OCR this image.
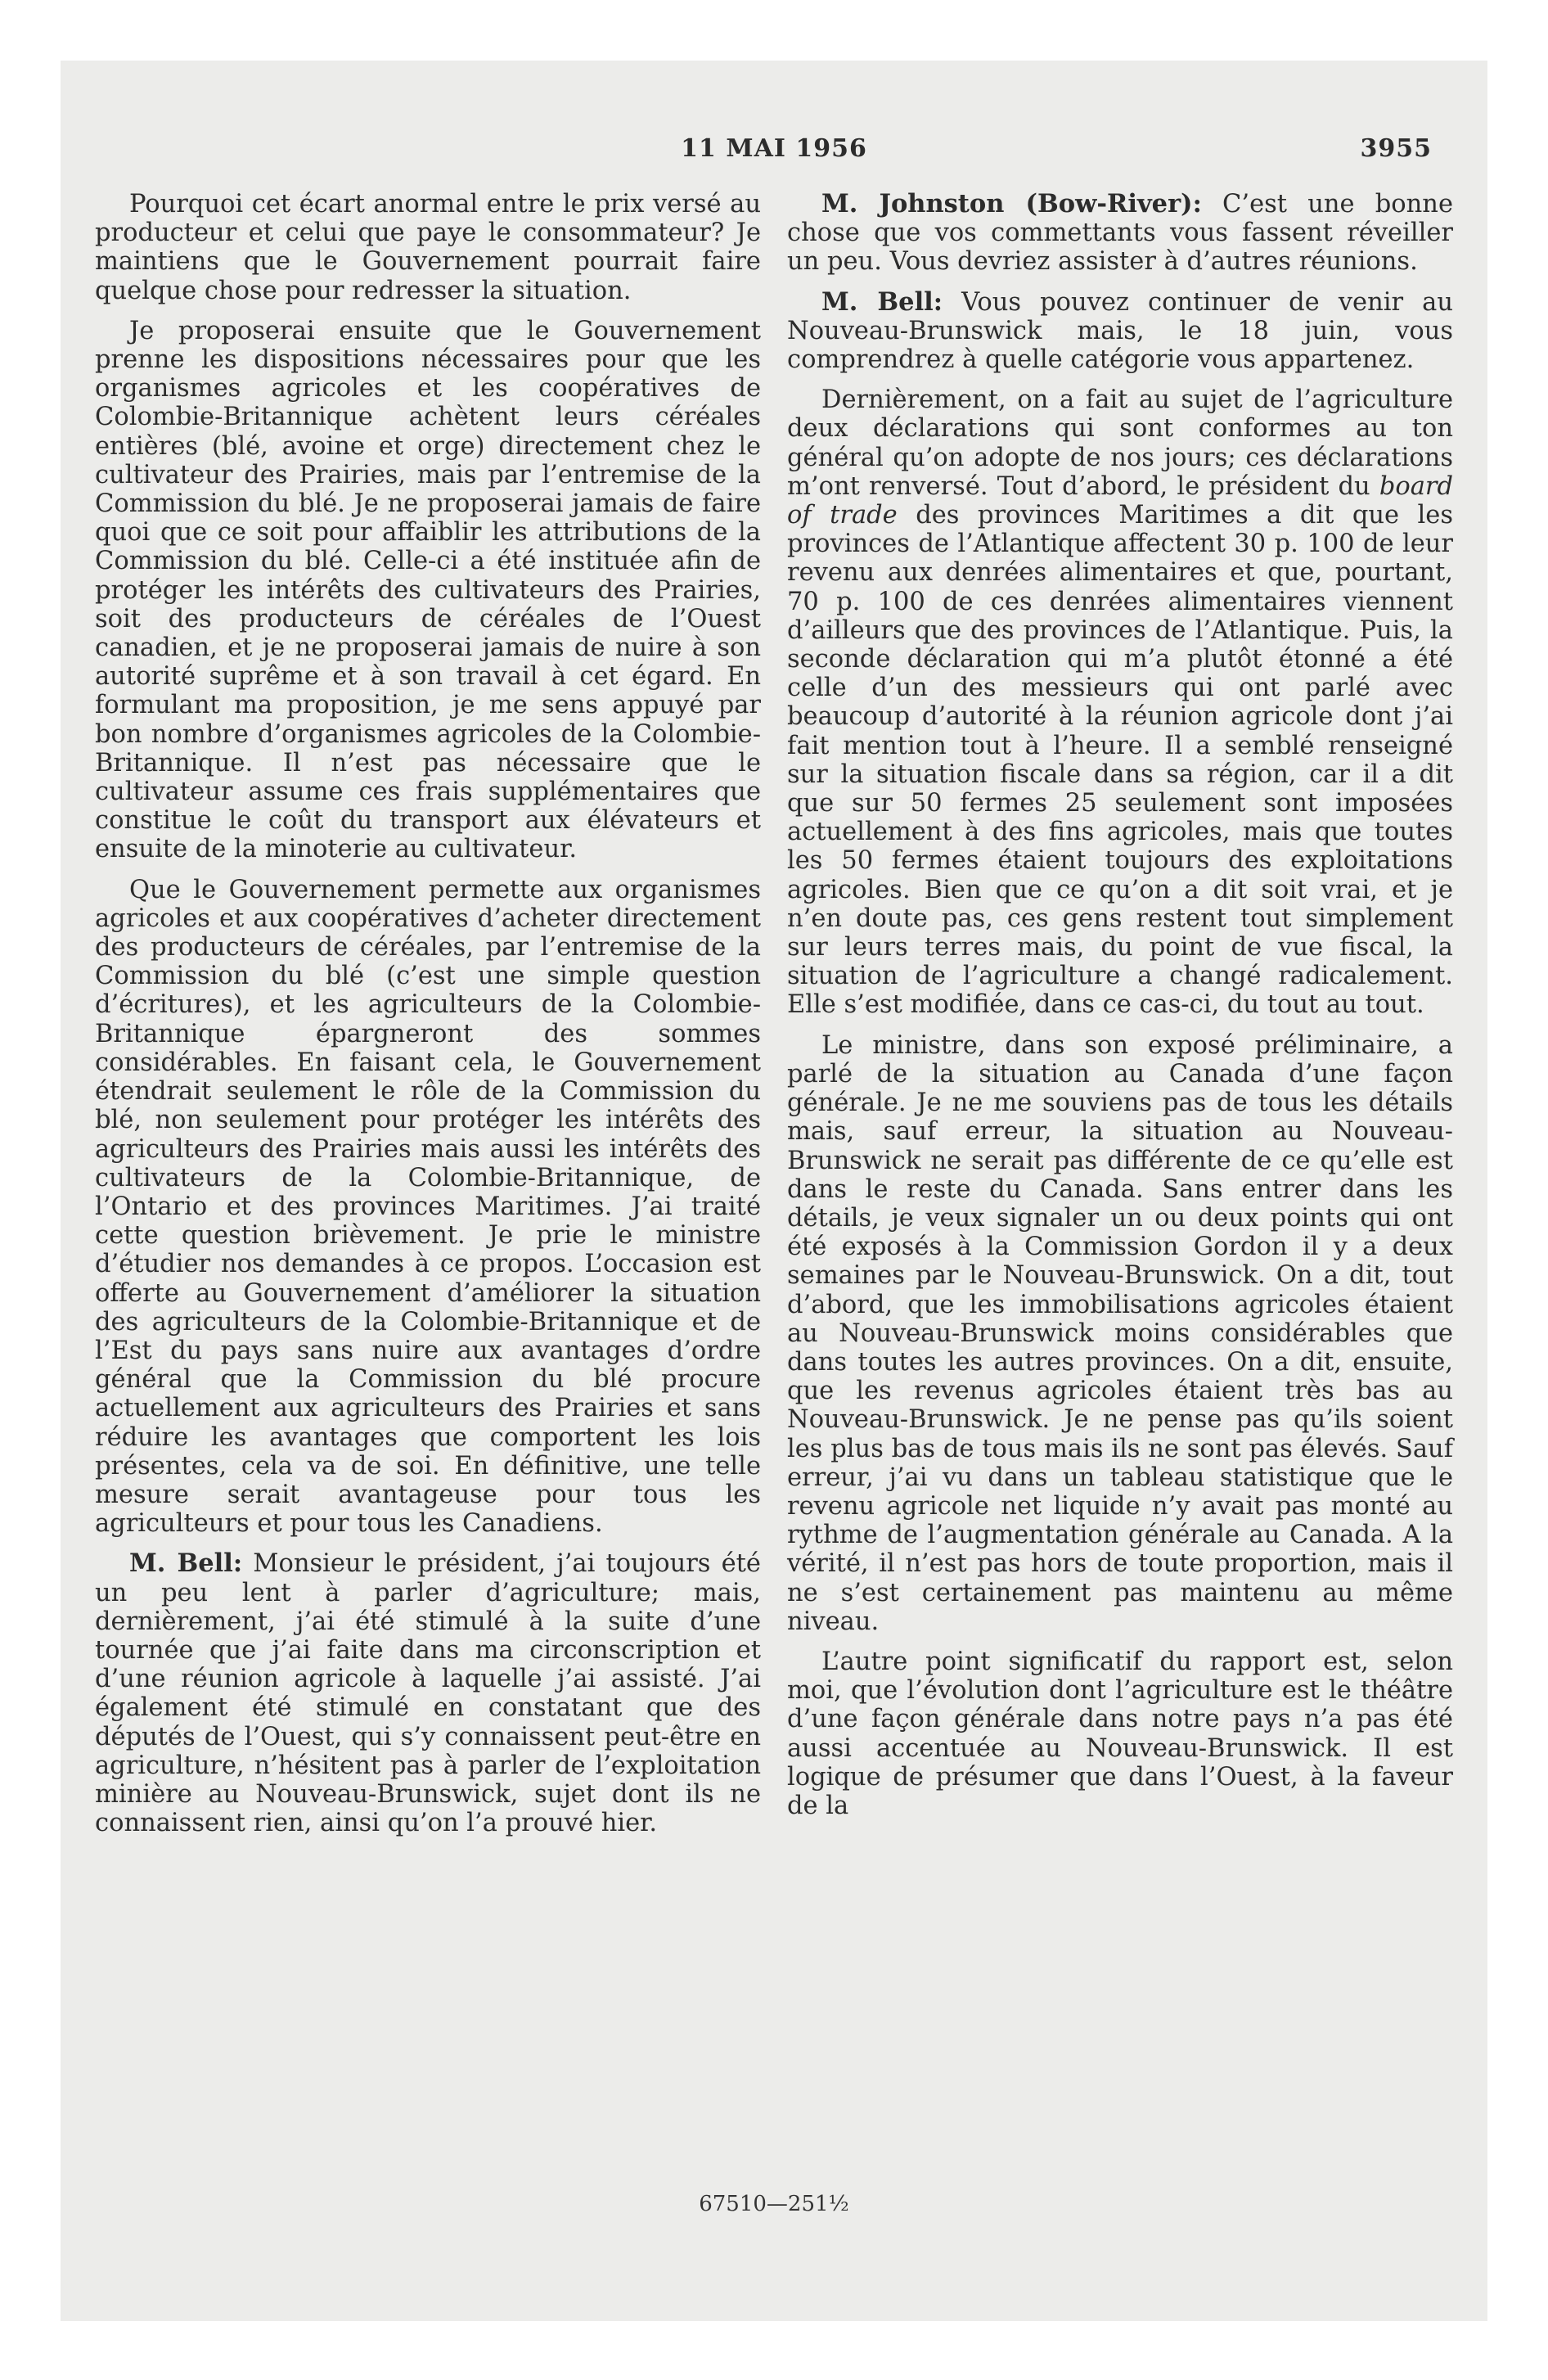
11 MAI 1956	3955

Pourquoi cet écart anormal entre le prix versé au producteur et celui que paye le consommateur? Je maintiens que le Gouvernement pourrait faire quelque chose pour redresser la situation.

Je proposerai ensuite que le Gouvernement prenne les dispositions nécessaires pour que les organismes agricoles et les coopératives de Colombie-Britannique achètent leurs céréales entières (blé, avoine et orge) directement chez le cultivateur des Prairies, mais par l’entremise de la Commission du blé. Je ne proposerai jamais de faire quoi que ce soit pour affaiblir les attributions de la Commission du blé. Celle-ci a été instituée afin de protéger les intérêts des cultivateurs des Prairies, soit des producteurs de céréales de l’Ouest canadien, et je ne proposerai jamais de nuire à son autorité suprême et à son travail à cet égard. En formulant ma proposition, je me sens appuyé par bon nombre d’organismes agricoles de la Colombie-Britannique. Il n’est pas nécessaire que le cultivateur assume ces frais supplémentaires que constitue le coût du transport aux élévateurs et ensuite de la minoterie au cultivateur.

Que le Gouvernement permette aux organismes agricoles et aux coopératives d’acheter directement des producteurs de céréales, par l’entremise de la Commission du blé (c’est une simple question d’écritures), et les agriculteurs de la Colombie-Britannique épargneront des sommes considérables. En faisant cela, le Gouvernement étendrait seulement le rôle de la Commission du blé, non seulement pour protéger les intérêts des agriculteurs des Prairies mais aussi les intérêts des cultivateurs de la Colombie-Britannique, de l’Ontario et des provinces Maritimes. J’ai traité cette question brièvement. Je prie le ministre d’étudier nos demandes à ce propos. L’occasion est offerte au Gouvernement d’améliorer la situation des agriculteurs de la Colombie-Britannique et de l’Est du pays sans nuire aux avantages d’ordre général que la Commission du blé procure actuellement aux agriculteurs des Prairies et sans réduire les avantages que comportent les lois présentes, cela va de soi. En définitive, une telle mesure serait avantageuse pour tous les agriculteurs et pour tous les Canadiens.

M. Bell: Monsieur le président, j’ai toujours été un peu lent à parler d’agriculture; mais, dernièrement, j’ai été stimulé à la suite d’une tournée que j’ai faite dans ma circonscription et d’une réunion agricole à laquelle j’ai assisté. J’ai également été stimulé en constatant que des députés de l’Ouest, qui s’y connaissent peut-être en agriculture, n’hésitent pas à parler de l’exploitation minière au Nouveau-Brunswick, sujet dont ils ne connaissent rien, ainsi qu’on l’a prouvé hier.

M. Johnston (Bow-River): C’est une bonne chose que vos commettants vous fassent réveiller un peu. Vous devriez assister à d’autres réunions.

M. Bell: Vous pouvez continuer de venir au Nouveau-Brunswick mais, le 18 juin, vous comprendrez à quelle catégorie vous appartenez.

Dernièrement, on a fait au sujet de l’agriculture deux déclarations qui sont conformes au ton général qu’on adopte de nos jours; ces déclarations m’ont renversé. Tout d’abord, le président du board of trade des provinces Maritimes a dit que les provinces de l’Atlantique affectent 30 p. 100 de leur revenu aux denrées alimentaires et que, pourtant, 70 p. 100 de ces denrées alimentaires viennent d’ailleurs que des provinces de l’Atlantique. Puis, la seconde déclaration qui m’a plutôt étonné a été celle d’un des messieurs qui ont parlé avec beaucoup d’autorité à la réunion agricole dont j’ai fait mention tout à l’heure. Il a semblé renseigné sur la situation fiscale dans sa région, car il a dit que sur 50 fermes 25 seulement sont imposées actuellement à des fins agricoles, mais que toutes les 50 fermes étaient toujours des exploitations agricoles. Bien que ce qu’on a dit soit vrai, et je n’en doute pas, ces gens restent tout simplement sur leurs terres mais, du point de vue fiscal, la situation de l’agriculture a changé radicalement. Elle s’est modifiée, dans ce cas-ci, du tout au tout.

Le ministre, dans son exposé préliminaire, a parlé de la situation au Canada d’une façon générale. Je ne me souviens pas de tous les détails mais, sauf erreur, la situation au Nouveau-Brunswick ne serait pas différente de ce qu’elle est dans le reste du Canada. Sans entrer dans les détails, je veux signaler un ou deux points qui ont été exposés à la Commission Gordon il y a deux semaines par le Nouveau-Brunswick. On a dit, tout d’abord, que les immobilisations agricoles étaient au Nouveau-Brunswick moins considérables que dans toutes les autres provinces. On a dit, ensuite, que les revenus agricoles étaient très bas au Nouveau-Brunswick. Je ne pense pas qu’ils soient les plus bas de tous mais ils ne sont pas élevés. Sauf erreur, j’ai vu dans un tableau statistique que le revenu agricole net liquide n’y avait pas monté au rythme de l’augmentation générale au Canada. A la vérité, il n’est pas hors de toute proportion, mais il ne s’est certainement pas maintenu au même niveau.

L’autre point significatif du rapport est, selon moi, que l’évolution dont l’agriculture est le théâtre d’une façon générale dans notre pays n’a pas été aussi accentuée au Nouveau-Brunswick. Il est logique de présumer que dans l’Ouest, à la faveur de la

67510—251½
